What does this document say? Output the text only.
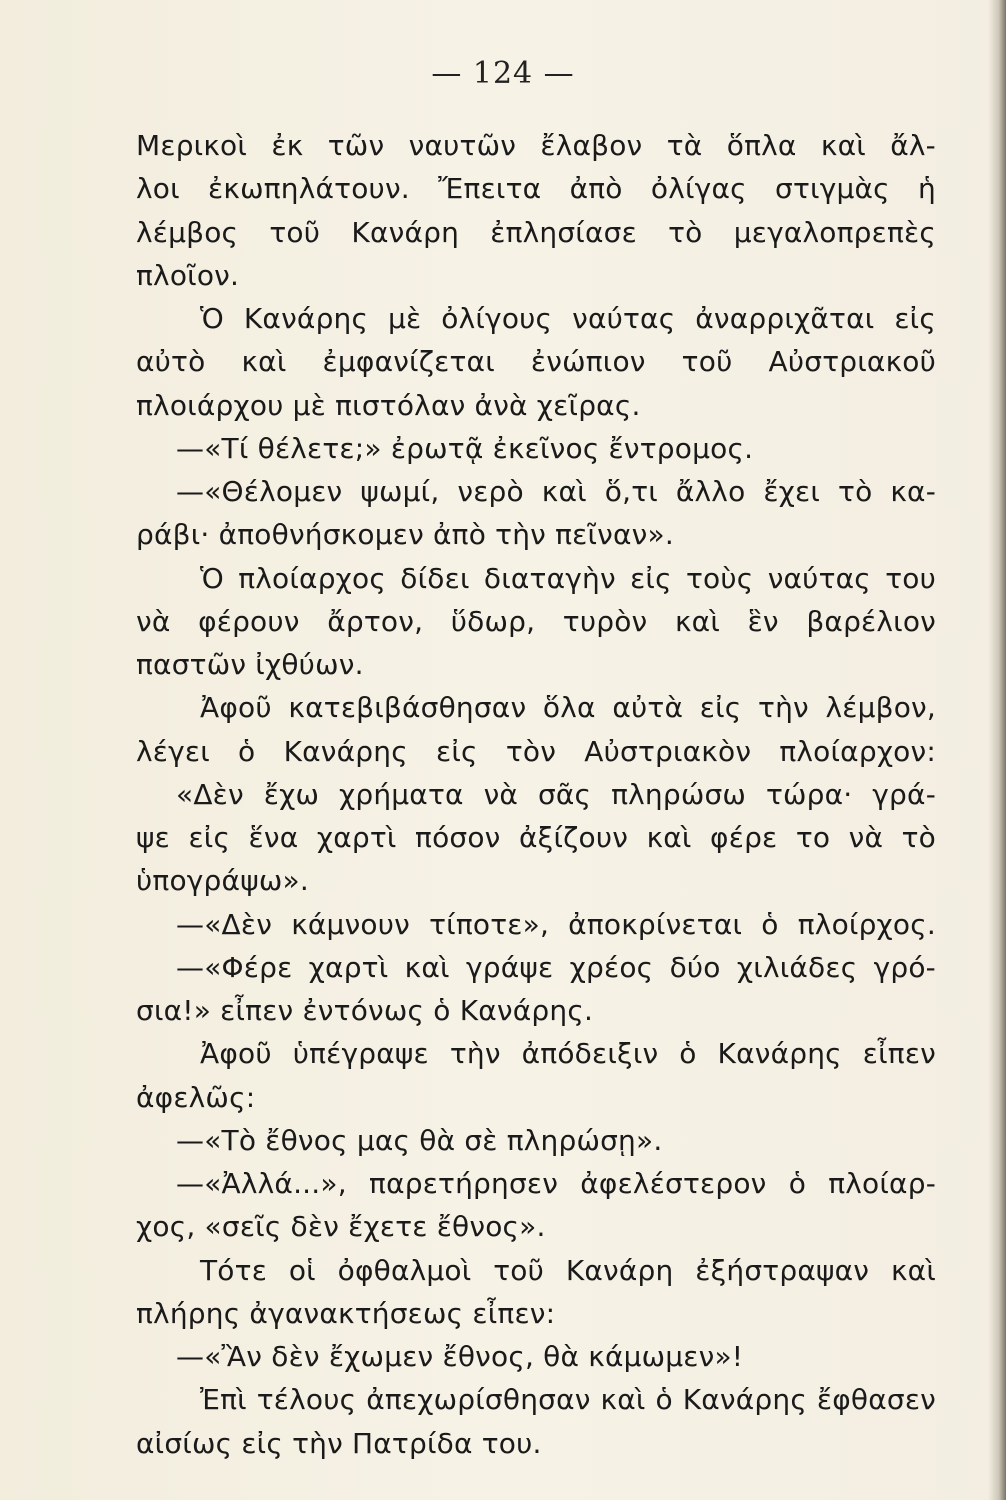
— 124 —
Μερικοὶ ἐκ τῶν ναυτῶν ἔλαβον τὰ ὅπλα καὶ ἄλ-
λοι ἐκωπηλάτουν. Ἔπειτα ἀπὸ ὀλίγας στιγμὰς ἡ
λέμβος τοῦ Κανάρη ἐπλησίασε τὸ μεγαλοπρεπὲς
πλοῖον.
Ὁ Κανάρης μὲ ὀλίγους ναύτας ἀναρριχᾶται εἰς
αὐτὸ καὶ ἐμφανίζεται ἐνώπιον τοῦ Αὐστριακοῦ
πλοιάρχου μὲ πιστόλαν ἀνὰ χεῖρας.
—«Τί θέλετε;» ἐρωτᾷ ἐκεῖνος ἔντρομος.
—«Θέλομεν ψωμί, νερὸ καὶ ὅ,τι ἄλλο ἔχει τὸ κα-
ράβι· ἀποθνήσκομεν ἀπὸ τὴν πεῖναν».
Ὁ πλοίαρχος δίδει διαταγὴν εἰς τοὺς ναύτας του
νὰ φέρουν ἄρτον, ὕδωρ, τυρὸν καὶ ἓν βαρέλιον
παστῶν ἰχθύων.
Ἀφοῦ κατεβιβάσθησαν ὅλα αὐτὰ εἰς τὴν λέμβον,
λέγει ὁ Κανάρης εἰς τὸν Αὐστριακὸν πλοίαρχον:
«Δὲν ἔχω χρήματα νὰ σᾶς πληρώσω τώρα· γρά-
ψε εἰς ἕνα χαρτὶ πόσον ἀξίζουν καὶ φέρε το νὰ τὸ
ὑπογράψω».
—«Δὲν κάμνουν τίποτε», ἀποκρίνεται ὁ πλοίρχος.
—«Φέρε χαρτὶ καὶ γράψε χρέος δύο χιλιάδες γρό-
σια!» εἶπεν ἐντόνως ὁ Κανάρης.
Ἀφοῦ ὑπέγραψε τὴν ἀπόδειξιν ὁ Κανάρης εἶπεν
ἀφελῶς:
—«Τὸ ἔθνος μας θὰ σὲ πληρώσῃ».
—«Ἀλλά...», παρετήρησεν ἀφελέστερον ὁ πλοίαρ-
χος, «σεῖς δὲν ἔχετε ἔθνος».
Τότε οἱ ὀφθαλμοὶ τοῦ Κανάρη ἐξήστραψαν καὶ
πλήρης ἀγανακτήσεως εἶπεν:
—«Ἂν δὲν ἔχωμεν ἔθνος, θὰ κάμωμεν»!
Ἐπὶ τέλους ἀπεχωρίσθησαν καὶ ὁ Κανάρης ἔφθασεν
αἰσίως εἰς τὴν Πατρίδα του.
